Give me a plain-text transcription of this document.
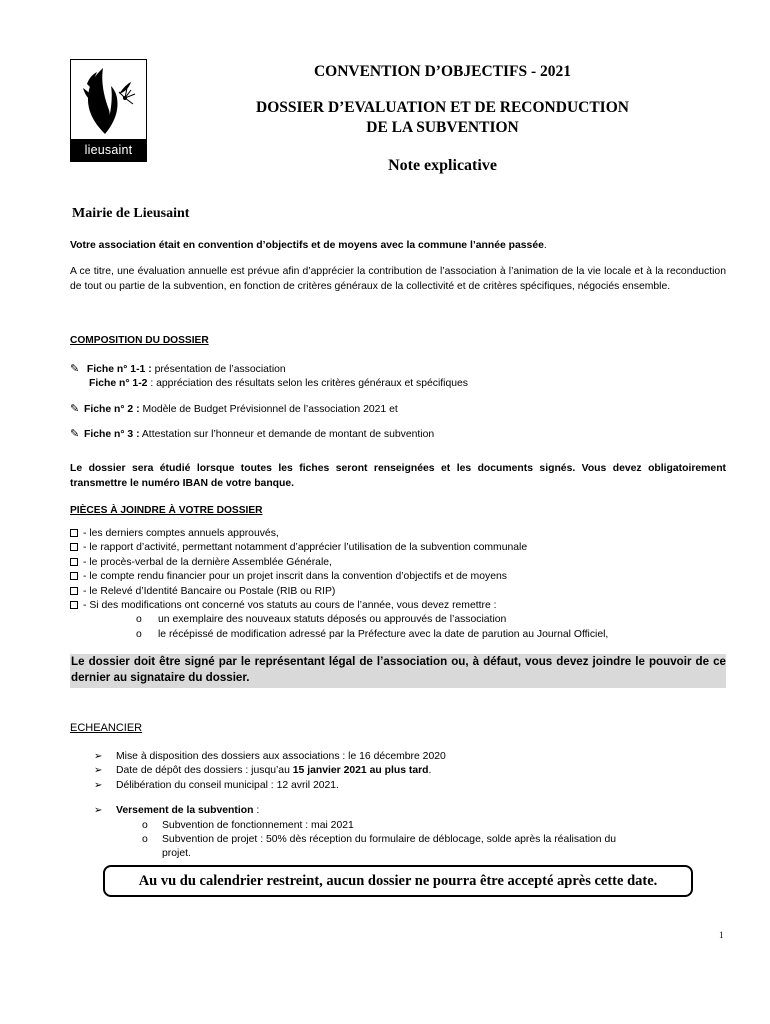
lieusaint
CONVENTION D’OBJECTIFS - 2021
DOSSIER D’EVALUATION ET DE RECONDUCTION
DE LA SUBVENTION
Note explicative
Mairie de Lieusaint
Votre association était en convention d’objectifs et de moyens avec la commune l’année passée.
A ce titre, une évaluation annuelle est prévue afin d’apprécier la contribution de l’association à l’animation de la vie locale et à la reconduction de tout ou partie de la subvention, en fonction de critères généraux de la collectivité et de critères spécifiques, négociés ensemble.
COMPOSITION DU DOSSIER
✎ Fiche n° 1-1 : présentation de l’association
Fiche n° 1-2 : appréciation des résultats selon les critères généraux et spécifiques
✎ Fiche n° 2 : Modèle de Budget Prévisionnel de l’association 2021 et
✎ Fiche n° 3 : Attestation sur l’honneur et demande de montant de subvention
Le dossier sera étudié lorsque toutes les fiches seront renseignées et les documents signés. Vous devez obligatoirement transmettre le numéro IBAN de votre banque.
PIÈCES À JOINDRE À VOTRE DOSSIER
- les derniers comptes annuels approuvés,
- le rapport d’activité, permettant notamment d’apprécier l’utilisation de la subvention communale
- le procès-verbal de la dernière Assemblée Générale,
- le compte rendu financier pour un projet inscrit dans la convention d’objectifs et de moyens
- le Relevé d’Identité Bancaire ou Postale (RIB ou RIP)
- Si des modifications ont concerné vos statuts au cours de l’année, vous devez remettre :
o un exemplaire des nouveaux statuts déposés ou approuvés de l’association
o le récépissé de modification adressé par la Préfecture avec la date de parution au Journal Officiel,
Le dossier doit être signé par le représentant légal de l’association ou, à défaut, vous devez joindre le pouvoir de ce dernier au signataire du dossier.
ECHEANCIER
➢ Mise à disposition des dossiers aux associations : le 16 décembre 2020
➢ Date de dépôt des dossiers : jusqu’au 15 janvier 2021 au plus tard.
➢ Délibération du conseil municipal : 12 avril 2021.
➢ Versement de la subvention :
o Subvention de fonctionnement : mai 2021
o Subvention de projet : 50% dès réception du formulaire de déblocage, solde après la réalisation du
projet.
Au vu du calendrier restreint, aucun dossier ne pourra être accepté après cette date.
1
